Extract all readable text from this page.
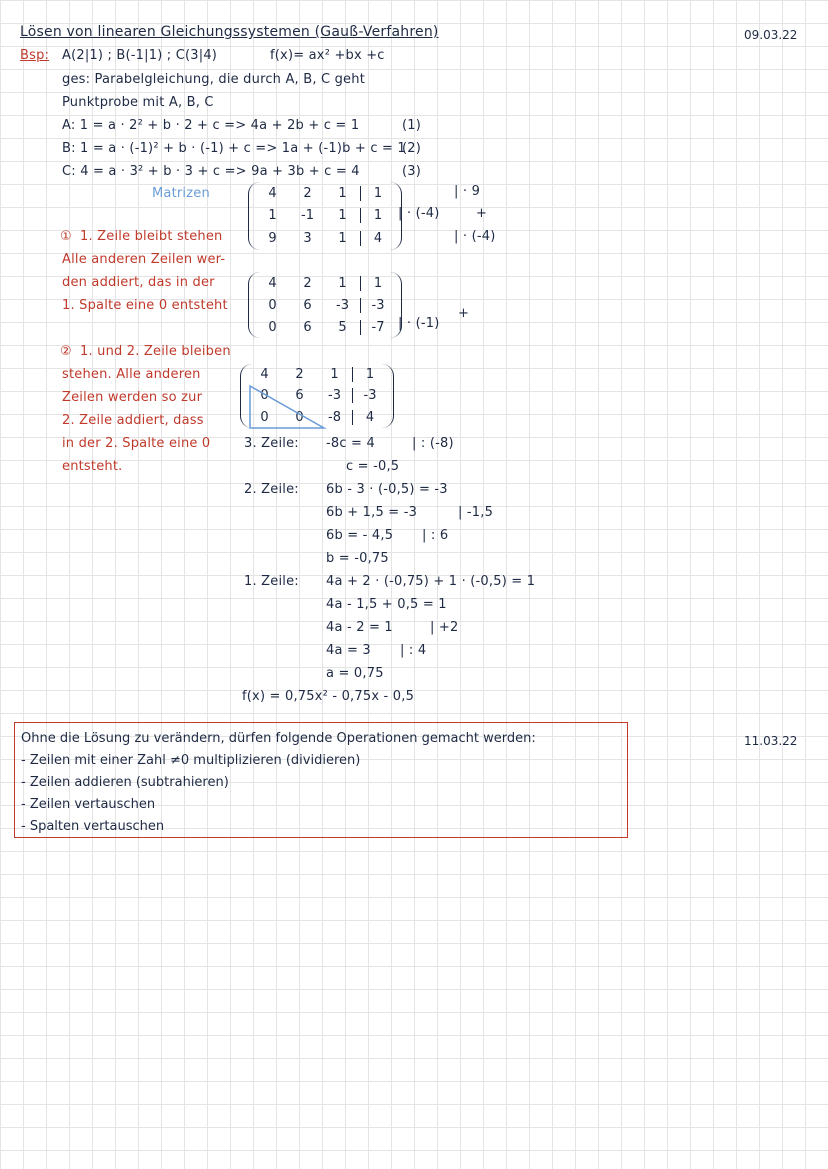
Lösen von linearen Gleichungssystemen (Gauß-Verfahren)	09.03.22
Bsp: A(2|1) ; B(-1|1) ; C(3|4)	f(x)= ax² +bx +c
ges: Parabelgleichung, die durch A, B, C geht
Punktprobe mit A, B, C
A: 1 = a · 2² + b · 2 + c => 4a + 2b + c = 1	(1)
B: 1 = a · (-1)² + b · (-1) + c => 1a + (-1)b + c = 1
(2)
C: 4 = a · 3² + b · 3 + c => 9a + 3b + c = 4	(3)
Matrizen	4	2	1	1
1	-1	1	1
9	3	1	4
| · (-4)
| · 9
+
| · (-4)
① 1. Zeile bleibt stehen
Alle anderen Zeilen wer-
den addiert, das in der
1. Spalte eine 0 entsteht
4	2	1	1
0	6	-3	-3
0	6	5	-7	| · (-1)
+
② 1. und 2. Zeile bleiben
stehen. Alle anderen
Zeilen werden so zur
2. Zeile addiert, dass
in der 2. Spalte eine 0
entsteht.
4	2	1	1
0	6	-3	-3
0	0	-8	4
3. Zeile: -8c = 4	| : (-8)
c = -0,5
2. Zeile: 6b - 3 · (-0,5) = -3
6b + 1,5 = -3	| -1,5
6b = - 4,5 | : 6
b = -0,75
1. Zeile: 4a + 2 · (-0,75) + 1 · (-0,5) = 1
4a - 1,5 + 0,5 = 1
4a - 2 = 1	| +2
4a = 3 | : 4
a = 0,75
f(x) = 0,75x² - 0,75x - 0,5
11.03.22
Ohne die Lösung zu verändern, dürfen folgende Operationen gemacht werden:
- Zeilen mit einer Zahl ≠0 multiplizieren (dividieren)
- Zeilen addieren (subtrahieren)
- Zeilen vertauschen
- Spalten vertauschen
